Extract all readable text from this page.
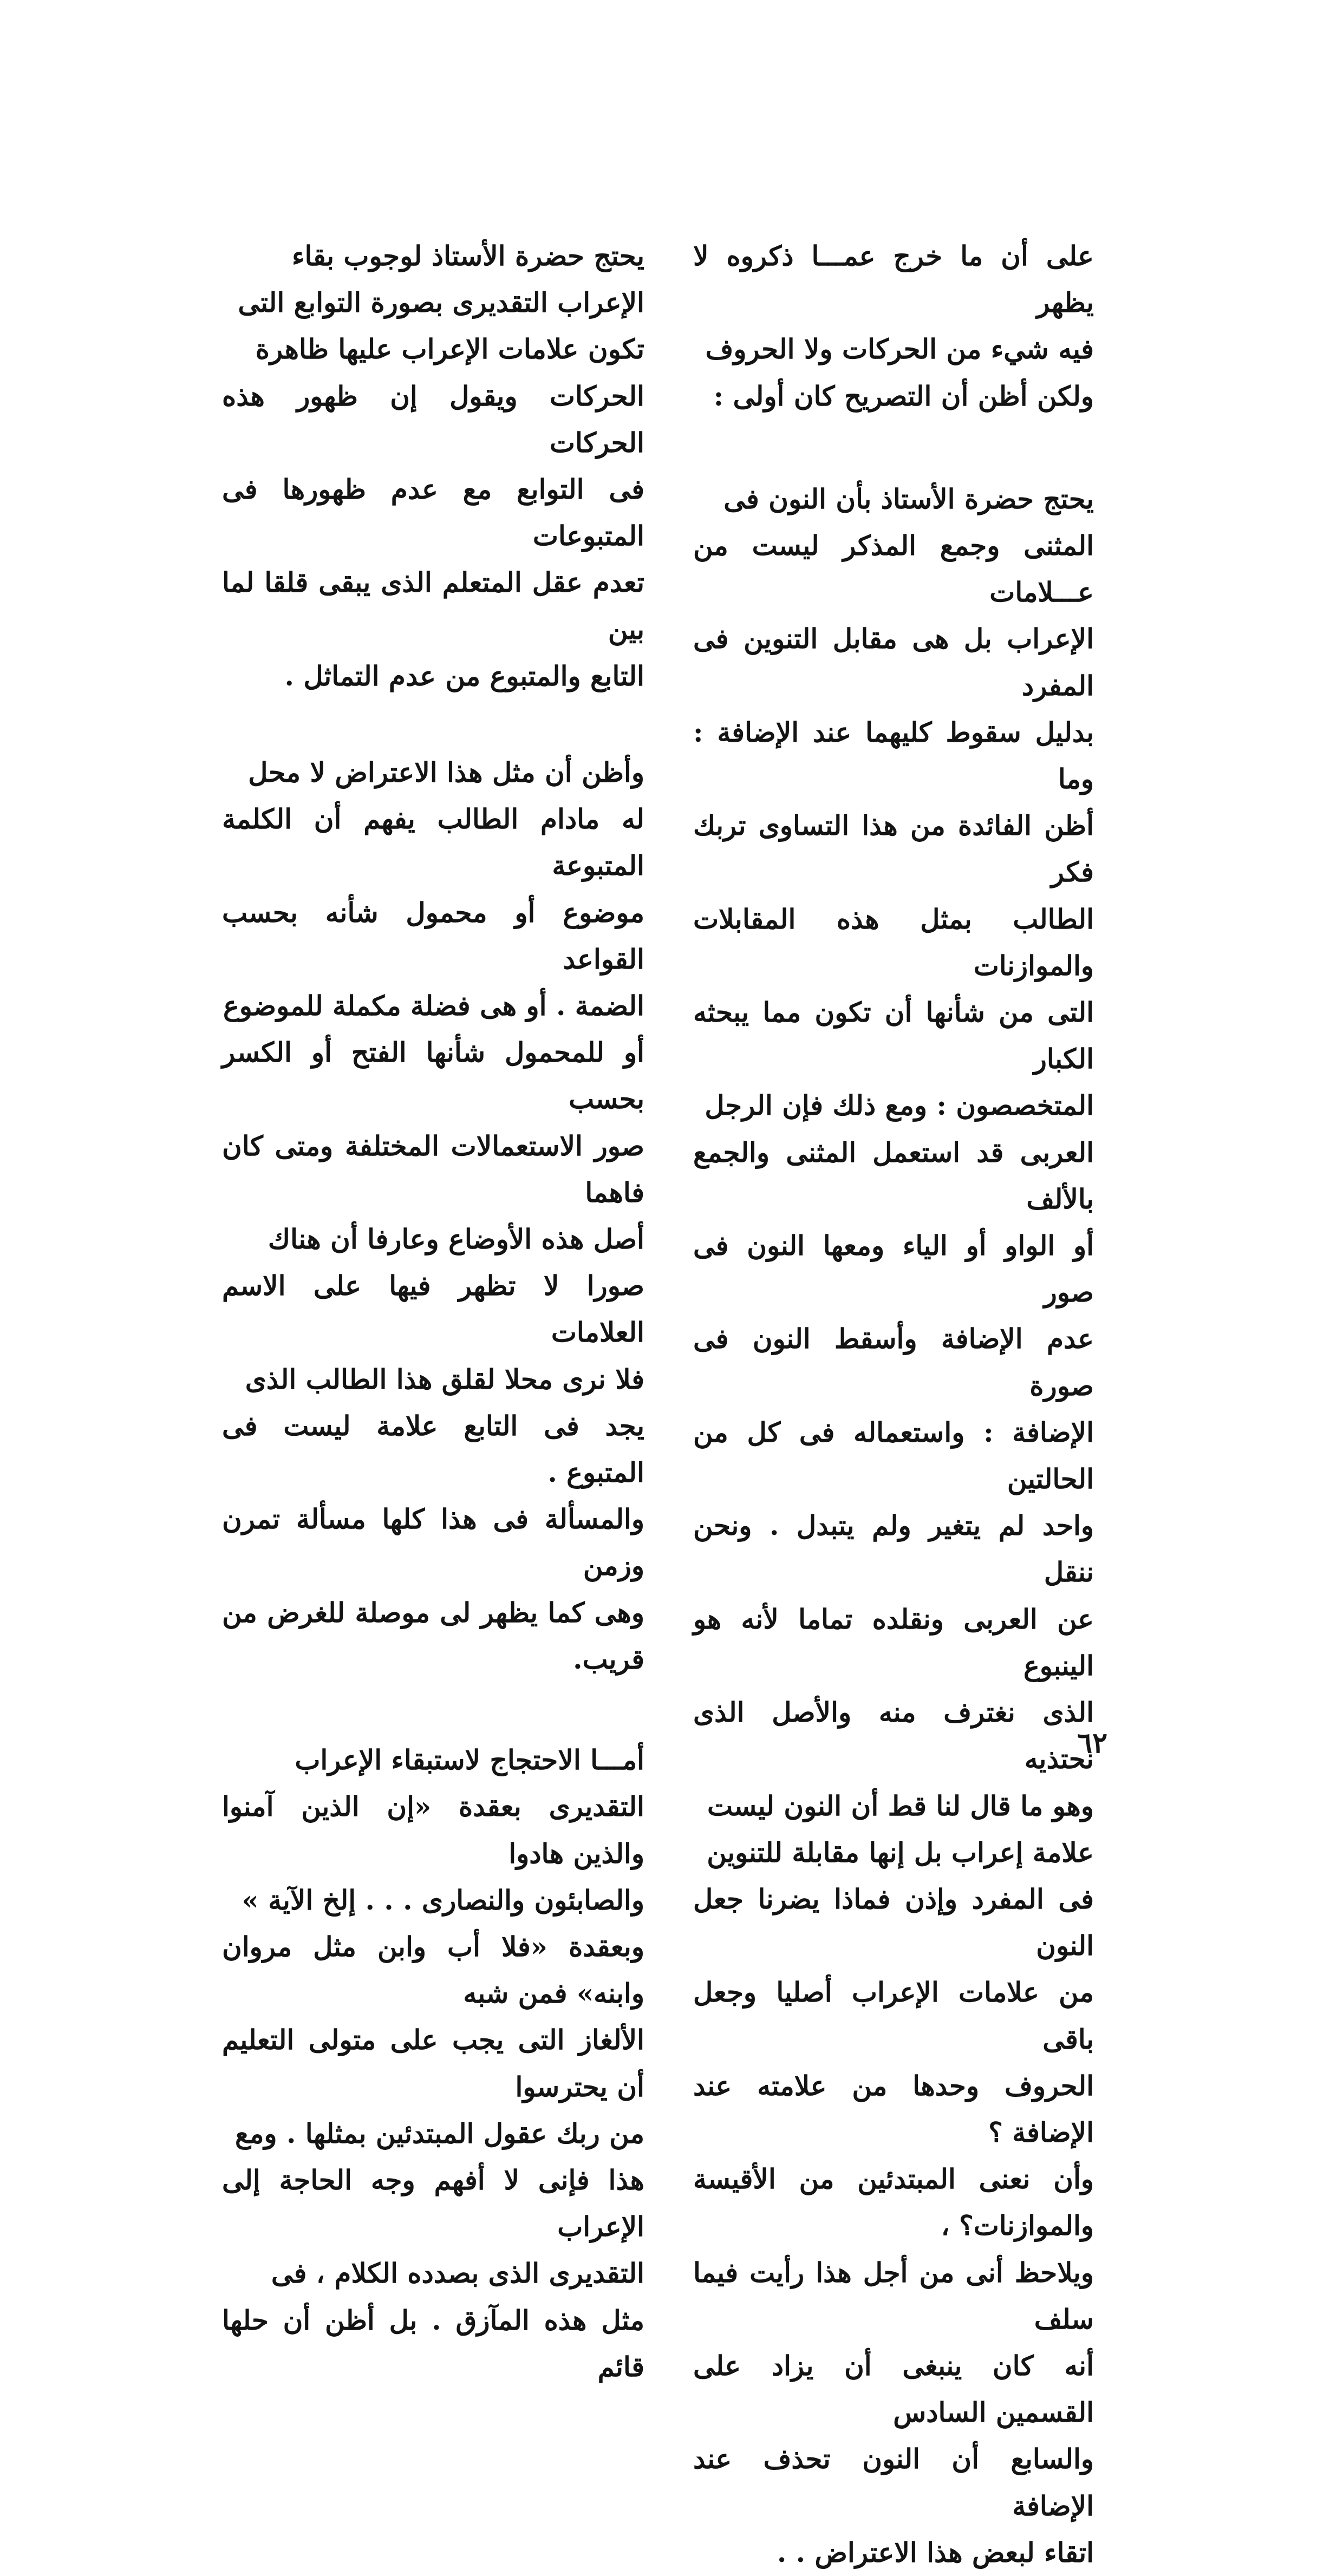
على أن ما خرج عمـــا ذكروه لا يظهر

فيه شيء من الحركات ولا الحروف

ولكن أظن أن التصريح كان أولى :

يحتج حضرة الأستاذ بأن النون فى

المثنى وجمع المذكر ليست من عـــلامات

الإعراب بل هى مقابل التنوين فى المفرد

بدليل سقوط كليهما عند الإضافة : وما

أظن الفائدة من هذا التساوى تربك فكر

الطالب بمثل هذه المقابلات والموازنات

التى من شأنها أن تكون مما يبحثه الكبار

المتخصصون : ومع ذلك فإن الرجل

العربى قد استعمل المثنى والجمع بالألف

أو الواو أو الياء ومعها النون فى صور

عدم الإضافة وأسقط النون فى صورة

الإضافة : واستعماله فى كل من الحالتين

واحد لم يتغير ولم يتبدل . ونحن ننقل

عن العربى ونقلده تماما لأنه هو الينبوع

الذى نغترف منه والأصل الذى نحتذيه

وهو ما قال لنا قط أن النون ليست

علامة إعراب بل إنها مقابلة للتنوين

فى المفرد وإذن فماذا يضرنا جعل النون

من علامات الإعراب أصليا وجعل باقى

الحروف وحدها من علامته عند الإضافة ؟

وأن نعنى المبتدئين من الأقيسة والموازنات؟ ،

ويلاحظ أنى من أجل هذا رأيت فيما سلف

أنه كان ينبغى أن يزاد على القسمين السادس

والسابع أن النون تحذف عند الإضافة

اتقاء لبعض هذا الاعتراض . .

يحتج حضرة الأستاذ لوجوب بقاء

الإعراب التقديرى بصورة التوابع التى

تكون علامات الإعراب عليها ظاهرة

الحركات ويقول إن ظهور هذه الحركات

فى التوابع مع عدم ظهورها فى المتبوعات

تعدم عقل المتعلم الذى يبقى قلقا لما بين

التابع والمتبوع من عدم التماثل .

وأظن أن مثل هذا الاعتراض لا محل

له مادام الطالب يفهم أن الكلمة المتبوعة

موضوع أو محمول شأنه بحسب القواعد

الضمة . أو هى فضلة مكملة للموضوع

أو للمحمول شأنها الفتح أو الكسر بحسب

صور الاستعمالات المختلفة ومتى كان فاهما

أصل هذه الأوضاع وعارفا أن هناك

صورا لا تظهر فيها على الاسم العلامات

فلا نرى محلا لقلق هذا الطالب الذى

يجد فى التابع علامة ليست فى المتبوع .

والمسألة فى هذا كلها مسألة تمرن وزمن

وهى كما يظهر لى موصلة للغرض من قريب.

أمـــا الاحتجاج لاستبقاء الإعراب

التقديرى بعقدة «إن الذين آمنوا والذين هادوا

والصابئون والنصارى . . . إلخ الآية »

وبعقدة «فلا أب وابن مثل مروان وابنه» فمن شبه

الألغاز التى يجب على متولى التعليم أن يحترسوا

من ربك عقول المبتدئين بمثلها . ومع

هذا فإنى لا أفهم وجه الحاجة إلى الإعراب

التقديرى الذى بصدده الكلام ، فى

مثل هذه المآزق . بل أظن أن حلها قائم

٦٢
